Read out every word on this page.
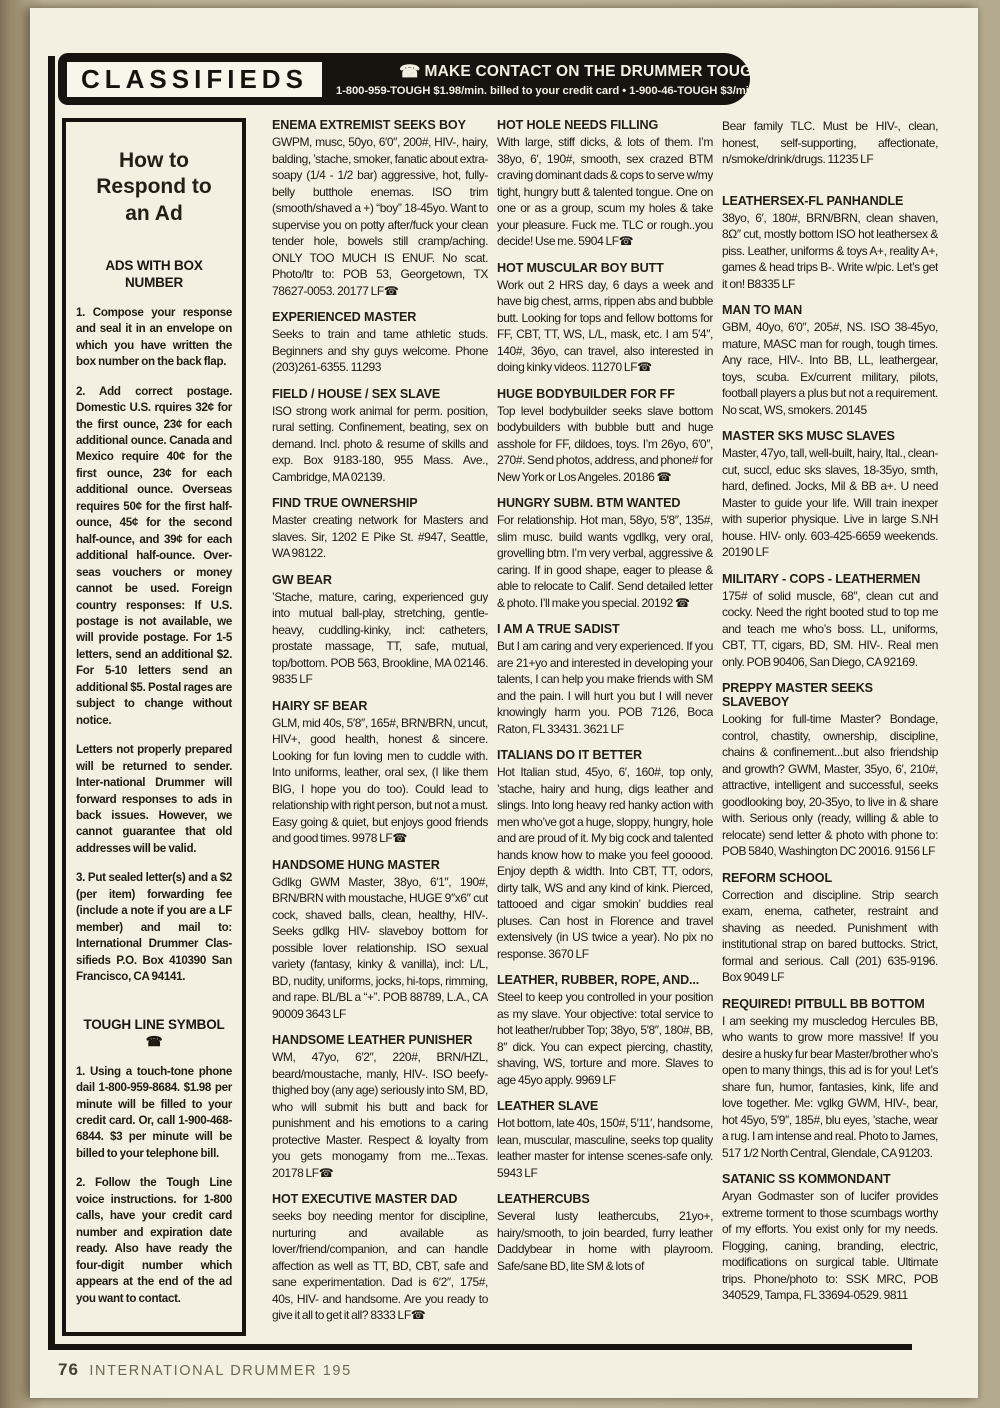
CLASSIFIEDS	☎ MAKE CONTACT ON THE DRUMMER TOUGH LINE
1-800-959-TOUGH $1.98/min. billed to your credit card • 1-900-46-TOUGH $3/min. billed to your phone
How to Respond to an Ad
ADS WITH BOX NUMBER

1. Compose your response and seal it in an envelope on which you have written the box number on the back flap.

2. Add correct postage. Domestic U.S. rquires 32¢ for the first ounce, 23¢ for each additional ounce. Canada and Mexico require 40¢ for the first ounce, 23¢ for each additional ounce. Overseas requires 50¢ for the first half-ounce, 45¢ for the second half-ounce, and 39¢ for each additional half-ounce. Over-seas vouchers or money cannot be used. Foreign country responses: If U.S. postage is not available, we will provide postage. For 1-5 letters, send an additional $2. For 5-10 letters send an additional $5. Postal rages are subject to change without notice.

Letters not properly prepared will be returned to sender. Inter-national Drummer will forward responses to ads in back issues. However, we cannot guarantee that old addresses will be valid.

3. Put sealed letter(s) and a $2 (per item) forwarding fee (include a note if you are a LF member) and mail to: International Drummer Clas-sifieds P.O. Box 410390 San Francisco, CA 94141.

TOUGH LINE SYMBOL ☎

1. Using a touch-tone phone dail 1-800-959-8684. $1.98 per minute will be filled to your credit card. Or, call 1-900-468-6844. $3 per minute will be billed to your telephone bill.

2. Follow the Tough Line voice instructions. for 1-800 calls, have your credit card number and expiration date ready. Also have ready the four-digit number which appears at the end of the ad you want to contact.

ENEMA EXTREMIST SEEKS BOY

GWPM, musc, 50yo, 6′0″, 200#, HIV-, hairy, balding, ’stache, smoker, fanatic about extra-soapy (1/4 - 1/2 bar) aggressive, hot, fully-belly butthole enemas. ISO trim (smooth/shaved a +) “boy” 18-45yo. Want to supervise you on potty after/fuck your clean tender hole, bowels still cramp/aching. ONLY TOO MUCH IS ENUF. No scat. Photo/ltr to: POB 53, Georgetown, TX 78627-0053. 20177 LF☎

EXPERIENCED MASTER

Seeks to train and tame athletic studs. Beginners and shy guys welcome. Phone (203)261-6355. 11293

FIELD / HOUSE / SEX SLAVE

ISO strong work animal for perm. position, rural setting. Confinement, beating, sex on demand. Incl. photo & resume of skills and exp. Box 9183-180, 955 Mass. Ave., Cambridge, MA 02139.

FIND TRUE OWNERSHIP

Master creating network for Masters and slaves. Sir, 1202 E Pike St. #947, Seattle, WA 98122.

GW BEAR

’Stache, mature, caring, experienced guy into mutual ball-play, stretching, gentle-heavy, cuddling-kinky, incl: catheters, prostate massage, TT, safe, mutual, top/bottom. POB 563, Brookline, MA 02146. 9835 LF

HAIRY SF BEAR

GLM, mid 40s, 5′8″, 165#, BRN/BRN, uncut, HIV+, good health, honest & sincere. Looking for fun loving men to cuddle with. Into uniforms, leather, oral sex, (I like them BIG, I hope you do too). Could lead to relationship with right person, but not a must. Easy going & quiet, but enjoys good friends and good times. 9978 LF☎

HANDSOME HUNG MASTER

Gdlkg GWM Master, 38yo, 6′1″, 190#, BRN/BRN with moustache, HUGE 9″x6″ cut cock, shaved balls, clean, healthy, HIV-. Seeks gdlkg HIV- slaveboy bottom for possible lover relationship. ISO sexual variety (fantasy, kinky & vanilla), incl: L/L, BD, nudity, uniforms, jocks, hi-tops, rimming, and rape. BL/BL a “+”. POB 88789, L.A., CA 90009 3643 LF

HANDSOME LEATHER PUNISHER

WM, 47yo, 6′2″, 220#, BRN/HZL, beard/moustache, manly, HIV-. ISO beefy-thighed boy (any age) seriously into SM, BD, who will submit his butt and back for punishment and his emotions to a caring protective Master. Respect & loyalty from you gets monogamy from me...Texas. 20178 LF☎

HOT EXECUTIVE MASTER DAD

seeks boy needing mentor for discipline, nurturing and available as lover/friend/companion, and can handle affection as well as TT, BD, CBT, safe and sane experimentation. Dad is 6′2″, 175#, 40s, HIV- and handsome. Are you ready to give it all to get it all? 8333 LF☎

HOT HOLE NEEDS FILLING

With large, stiff dicks, & lots of them. I’m 38yo, 6′, 190#, smooth, sex crazed BTM craving dominant dads & cops to serve w/my tight, hungry butt & talented tongue. One on one or as a group, scum my holes & take your pleasure. Fuck me. TLC or rough..you decide! Use me. 5904 LF☎

HOT MUSCULAR BOY BUTT

Work out 2 HRS day, 6 days a week and have big chest, arms, rippen abs and bubble butt. Looking for tops and fellow bottoms for FF, CBT, TT, WS, L/L, mask, etc. I am 5′4″, 140#, 36yo, can travel, also interested in doing kinky videos. 11270 LF☎

HUGE BODYBUILDER FOR FF

Top level bodybuilder seeks slave bottom bodybuilders with bubble butt and huge asshole for FF, dildoes, toys. I’m 26yo, 6′0″, 270#. Send photos, address, and phone# for New York or Los Angeles. 20186 ☎

HUNGRY SUBM. BTM WANTED

For relationship. Hot man, 58yo, 5′8″, 135#, slim musc. build wants vgdlkg, very oral, grovelling btm. I’m very verbal, aggressive & caring. If in good shape, eager to please & able to relocate to Calif. Send detailed letter & photo. I’ll make you special. 20192 ☎

I AM A TRUE SADIST

But I am caring and very experienced. If you are 21+yo and interested in developing your talents, I can help you make friends with SM and the pain. I will hurt you but I will never knowingly harm you. POB 7126, Boca Raton, FL 33431. 3621 LF

ITALIANS DO IT BETTER

Hot Italian stud, 45yo, 6′, 160#, top only, ’stache, hairy and hung, digs leather and slings. Into long heavy red hanky action with men who’ve got a huge, sloppy, hungry, hole and are proud of it. My big cock and talented hands know how to make you feel gooood. Enjoy depth & width. Into CBT, TT, odors, dirty talk, WS and any kind of kink. Pierced, tattooed and cigar smokin’ buddies real pluses. Can host in Florence and travel extensively (in US twice a year). No pix no response. 3670 LF

LEATHER, RUBBER, ROPE, AND...

Steel to keep you controlled in your position as my slave. Your objective: total service to hot leather/rubber Top; 38yo, 5′8″, 180#, BB, 8″ dick. You can expect piercing, chastity, shaving, WS, torture and more. Slaves to age 45yo apply. 9969 LF

LEATHER SLAVE

Hot bottom, late 40s, 150#, 5′11′, handsome, lean, muscular, masculine, seeks top quality leather master for intense scenes-safe only. 5943 LF

LEATHERCUBS

Several lusty leathercubs, 21yo+, hairy/smooth, to join bearded, furry leather Daddybear in home with playroom. Safe/sane BD, lite SM & lots of

Bear family TLC. Must be HIV-, clean, honest, self-supporting, affectionate, n/smoke/drink/drugs. 11235 LF

LEATHERSEX-FL PANHANDLE

38yo, 6′, 180#, BRN/BRN, clean shaven, 8Ω″ cut, mostly bottom ISO hot leathersex & piss. Leather, uniforms & toys A+, reality A+, games & head trips B-. Write w/pic. Let’s get it on! B8335 LF

MAN TO MAN

GBM, 40yo, 6′0″, 205#, NS. ISO 38-45yo, mature, MASC man for rough, tough times. Any race, HIV-. Into BB, LL, leathergear, toys, scuba. Ex/current military, pilots, football players a plus but not a requirement. No scat, WS, smokers. 20145

MASTER SKS MUSC SLAVES

Master, 47yo, tall, well-built, hairy, Ital., clean-cut, succl, educ sks slaves, 18-35yo, smth, hard, defined. Jocks, Mil & BB a+. U need Master to guide your life. Will train inexper with superior physique. Live in large S.NH house. HIV- only. 603-425-6659 weekends. 20190 LF

MILITARY - COPS - LEATHERMEN

175# of solid muscle, 68″, clean cut and cocky. Need the right booted stud to top me and teach me who’s boss. LL, uniforms, CBT, TT, cigars, BD, SM. HIV-. Real men only. POB 90406, San Diego, CA 92169.

PREPPY MASTER SEEKS SLAVEBOY

Looking for full-time Master? Bondage, control, chastity, ownership, discipline, chains & confinement...but also friendship and growth? GWM, Master, 35yo, 6′, 210#, attractive, intelligent and successful, seeks goodlooking boy, 20-35yo, to live in & share with. Serious only (ready, willing & able to relocate) send letter & photo with phone to: POB 5840, Washington DC 20016. 9156 LF

REFORM SCHOOL

Correction and discipline. Strip search exam, enema, catheter, restraint and shaving as needed. Punishment with institutional strap on bared buttocks. Strict, formal and serious. Call (201) 635-9196. Box 9049 LF

REQUIRED! PITBULL BB BOTTOM

I am seeking my muscledog Hercules BB, who wants to grow more massive! If you desire a husky fur bear Master/brother who’s open to many things, this ad is for you! Let’s share fun, humor, fantasies, kink, life and love together. Me: vglkg GWM, HIV-, bear, hot 45yo, 5′9″, 185#, blu eyes, ’stache, wear a rug. I am intense and real. Photo to James, 517 1/2 North Central, Glendale, CA 91203.

SATANIC SS KOMMONDANT

Aryan Godmaster son of lucifer provides extreme torment to those scumbags worthy of my efforts. You exist only for my needs. Flogging, caning, branding, electric, modifications on surgical table. Ultimate trips. Phone/photo to: SSK MRC, POB 340529, Tampa, FL 33694-0529. 9811

76 INTERNATIONAL DRUMMER 195
